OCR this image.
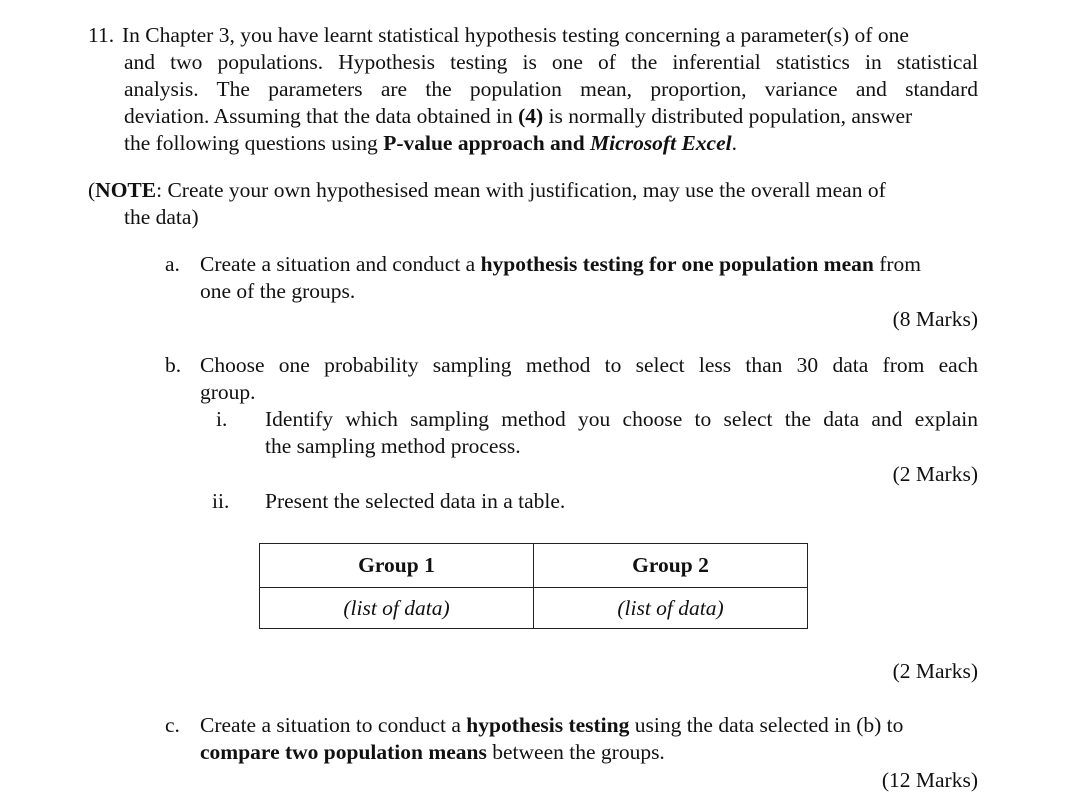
11. In Chapter 3, you have learnt statistical hypothesis testing concerning a parameter(s) of one
and two populations. Hypothesis testing is one of the inferential statistics in statistical
analysis. The parameters are the population mean, proportion, variance and standard
deviation. Assuming that the data obtained in (4) is normally distributed population, answer
the following questions using P-value approach and Microsoft Excel.
(NOTE: Create your own hypothesised mean with justification, may use the overall mean of
the data)
a. Create a situation and conduct a hypothesis testing for one population mean from
one of the groups.
(8 Marks)
b. Choose one probability sampling method to select less than 30 data from each
group.
i. Identify which sampling method you choose to select the data and explain
the sampling method process.
(2 Marks)
ii. Present the selected data in a table.
Group 1	Group 2
(list of data)	(list of data)
(2 Marks)
c. Create a situation to conduct a hypothesis testing using the data selected in (b) to
compare two population means between the groups.
(12 Marks)
